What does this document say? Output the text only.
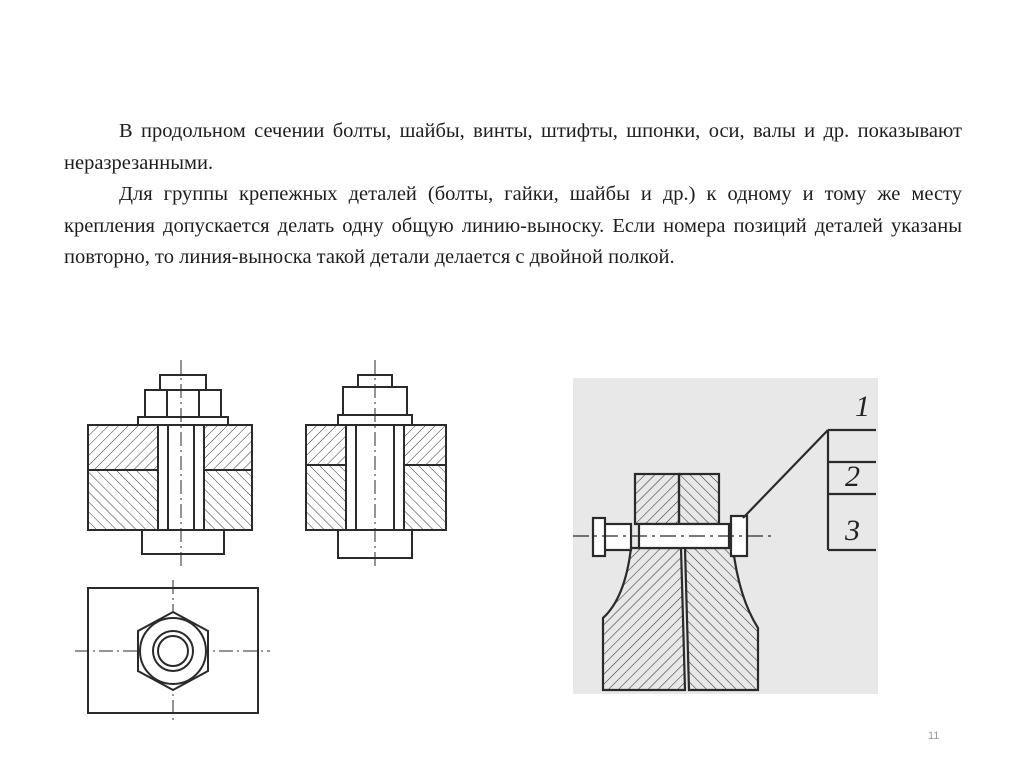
В продольном сечении болты, шайбы, винты, штифты, шпонки, оси, валы и др. показывают неразрезанными.

Для группы крепежных деталей (болты, гайки, шайбы и др.) к одному и тому же месту крепления допускается делать одну общую линию-выноску. Если номера позиций деталей указаны повторно, то линия-выноска такой детали делается с двойной полкой.

1
2
3
11
